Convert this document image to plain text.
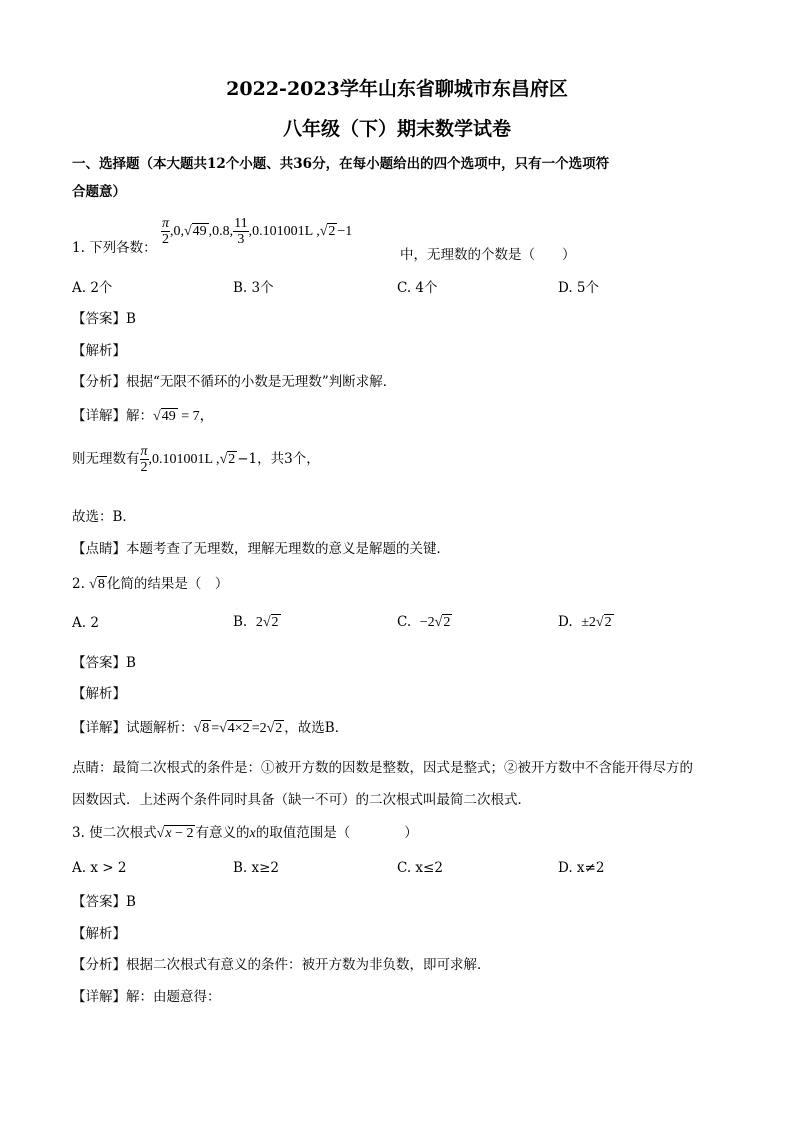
2022-2023学年山东省聊城市东昌府区
八年级（下）期末数学试卷
一、选择题（本大题共12个小题、共36分，在每小题给出的四个选项中，只有一个选项符
合题意）
1. 下列各数：
$\frac{\pi}{2} ,0,√49$ ,0.8, $\frac{11}{3} ,0.101001L$ ,√2 −1
中，无理数的个数是（　　）
A. 2个	B. 3个	C. 4个	D. 5个
【答案】B
【解析】
【分析】根据“无限不循环的小数是无理数”判断求解．
【详解】解：√49 = 7，
则无理数有 $\frac{\pi}{2} ,0.101001L$ ,√2 −1，共3个，
故选：B．
【点睛】本题考查了无理数，理解无理数的意义是解题的关键．
2. √8 化简的结果是（　）
A. 2	B. 2√2	C. −2√2	D. ±2√2
【答案】B
【解析】
【详解】试题解析：√8 =√4×2 =2√2 ，故选B．
点睛：最简二次根式的条件是：①被开方数的因数是整数，因式是整式；②被开方数中不含能开得尽方的
因数因式．上述两个条件同时具备（缺一不可）的二次根式叫最简二次根式．
3. 使二次根式√x − 2 有意义的x的取值范围是（　　　　）
A. x > 2	B. x≥2	C. x≤2	D. x≠2
【答案】B
【解析】
【分析】根据二次根式有意义的条件：被开方数为非负数，即可求解．
【详解】解：由题意得：
